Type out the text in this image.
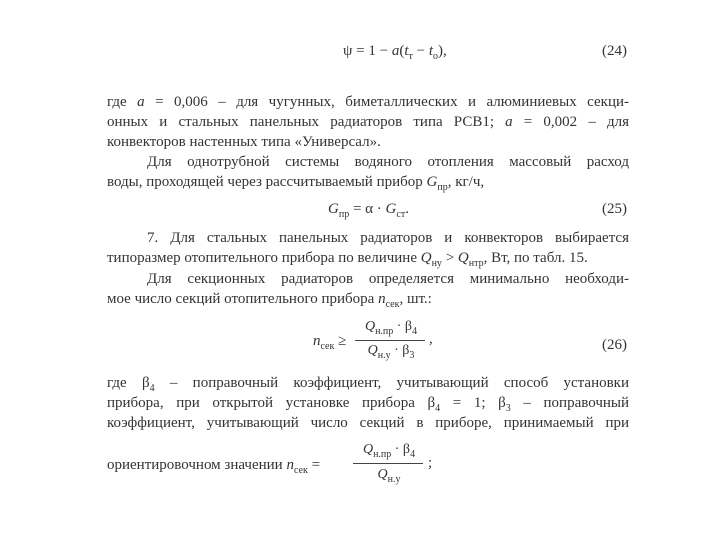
$\psi = 1 - a(t_т - t_о)$,	(24)
где a = 0,006 – для чугунных, биметаллических и алюминиевых секци-
онных и стальных панельных радиаторов типа РСВ1; a = 0,002 – для
конвекторов настенных типа «Универсал».
Для однотрубной системы водяного отопления массовый расход
воды, проходящей через рассчитываемый прибор $G_{пр}$, кг/ч,
$G_{пр} = \alpha \cdot G_{ст}$.	(25)
7. Для стальных панельных радиаторов и конвекторов выбирается
типоразмер отопительного прибора по величине $Q_{ну} > Q_{нтр}$, Вт, по табл. 15.
Для секционных радиаторов определяется минимально необходи-
мое число секций отопительного прибора $n_{сек}$, шт.:
$n_{сек}$ ≥
$Q_{н.пр} \cdot \beta_4$
$Q_{н.у} \cdot \beta_3$
,	(26)
где $\beta_4$ – поправочный коэффициент, учитывающий способ установки
прибора, при открытой установке прибора $\beta_4 = 1$; $\beta_3$ – поправочный
коэффициент, учитывающий число секций в приборе, принимаемый при
ориентировочном значении $n_{сек}$ =
$Q_{н.пр} \cdot \beta_4$
$Q_{н.у}$
;
